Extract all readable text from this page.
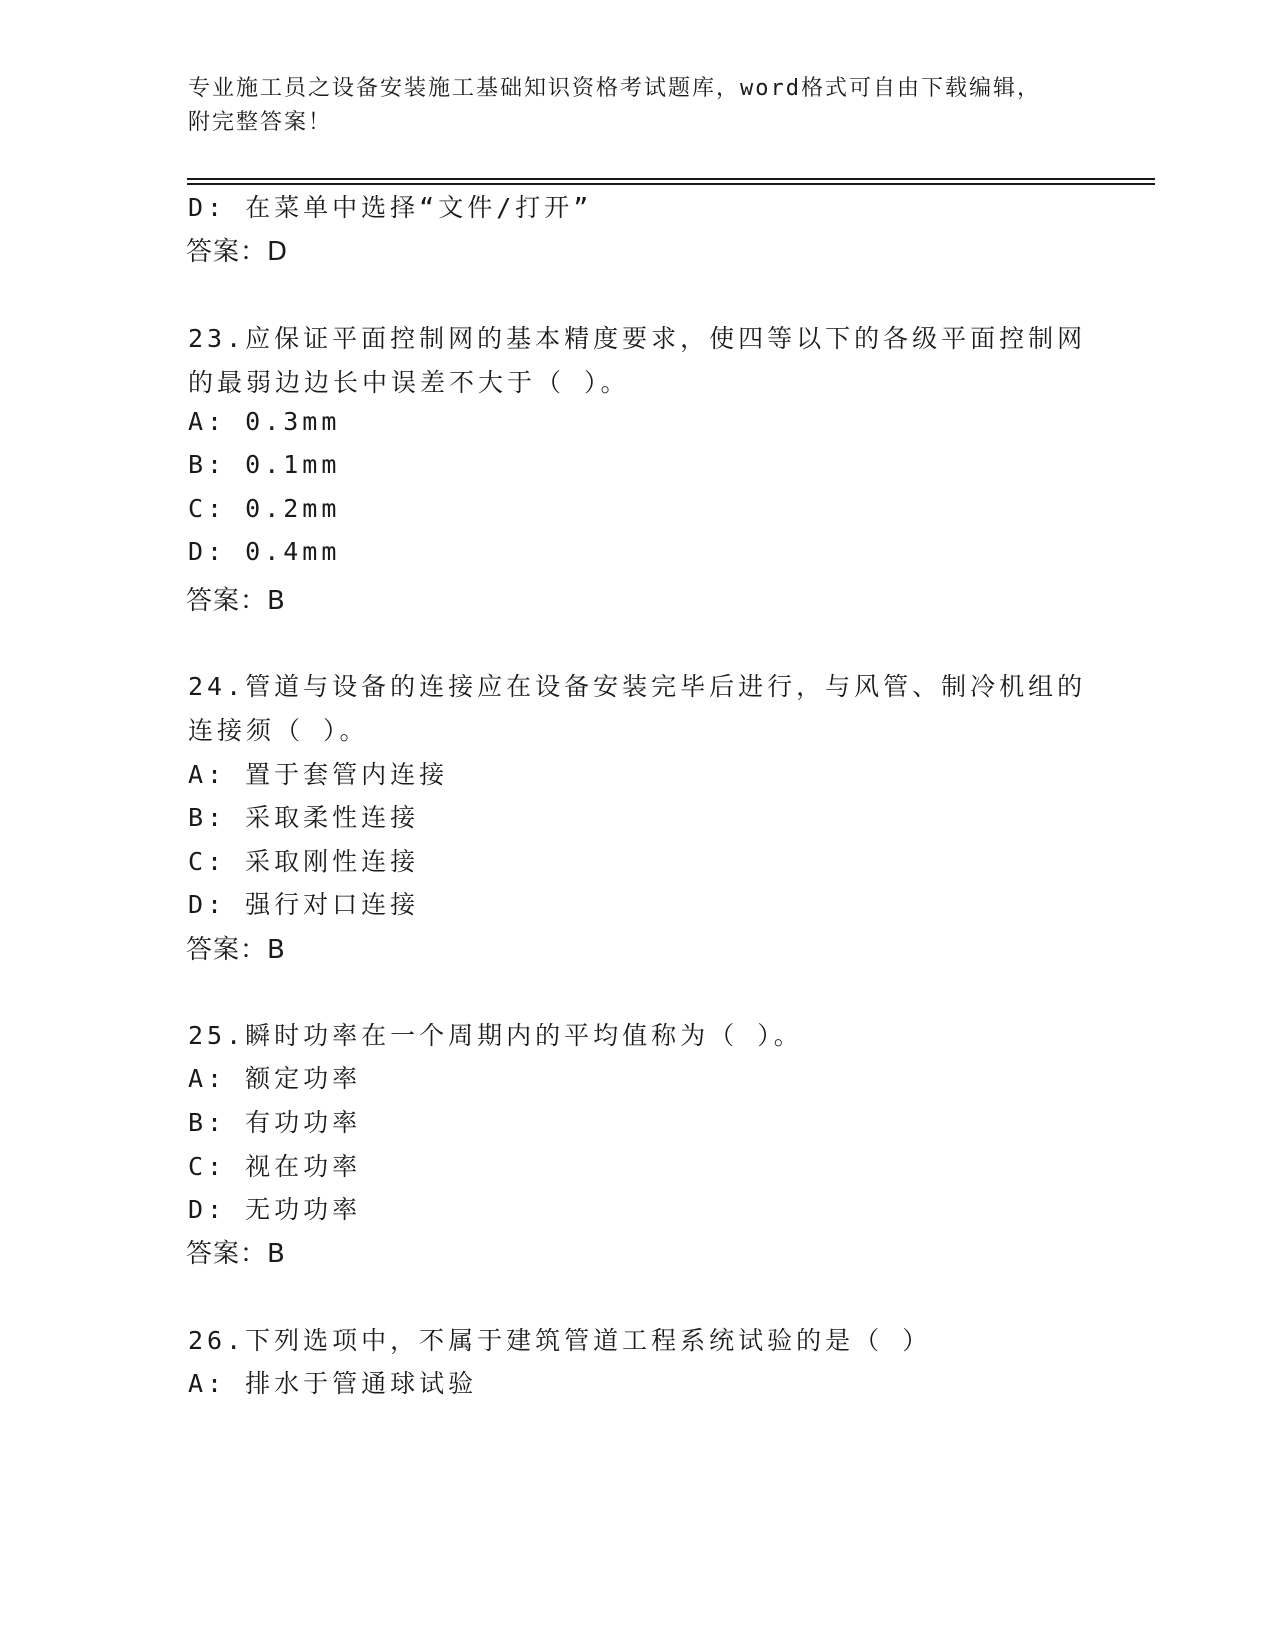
专业施工员之设备安装施工基础知识资格考试题库，word格式可自由下载编辑，
附完整答案！
D: 在菜单中选择“文件/打开”
答案：D
23.应保证平面控制网的基本精度要求，使四等以下的各级平面控制网
的最弱边边长中误差不大于（ ）。
A: 0.3mm
B: 0.1mm
C: 0.2mm
D: 0.4mm
答案：B
24.管道与设备的连接应在设备安装完毕后进行，与风管、制冷机组的
连接须（ ）。
A: 置于套管内连接
B: 采取柔性连接
C: 采取刚性连接
D: 强行对口连接
答案：B
25.瞬时功率在一个周期内的平均值称为（ ）。
A: 额定功率
B: 有功功率
C: 视在功率
D: 无功功率
答案：B
26.下列选项中，不属于建筑管道工程系统试验的是（ ）
A: 排水于管通球试验
